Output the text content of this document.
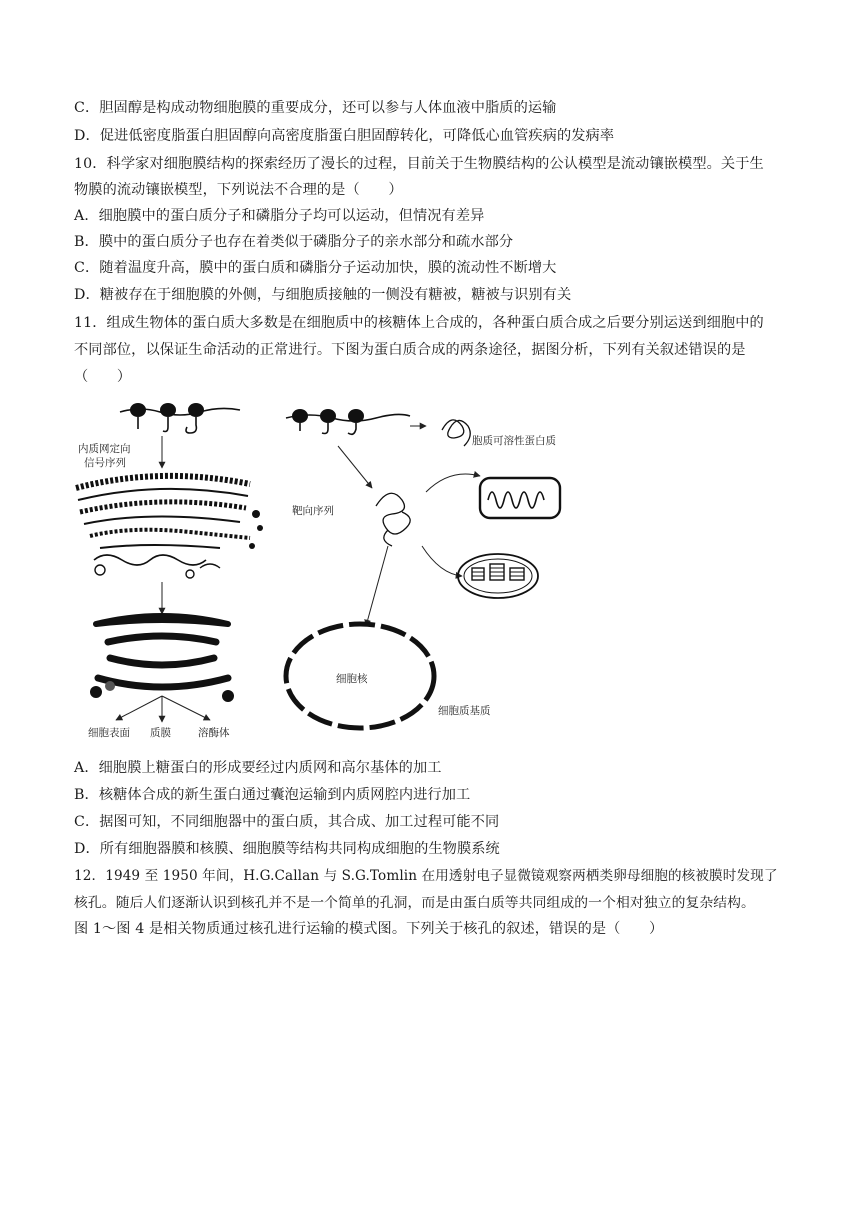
C．胆固醇是构成动物细胞膜的重要成分，还可以参与人体血液中脂质的运输
D．促进低密度脂蛋白胆固醇向高密度脂蛋白胆固醇转化，可降低心血管疾病的发病率
10．科学家对细胞膜结构的探索经历了漫长的过程，目前关于生物膜结构的公认模型是流动镶嵌模型。关于生
物膜的流动镶嵌模型，下列说法不合理的是（　　）
A．细胞膜中的蛋白质分子和磷脂分子均可以运动，但情况有差异
B．膜中的蛋白质分子也存在着类似于磷脂分子的亲水部分和疏水部分
C．随着温度升高，膜中的蛋白质和磷脂分子运动加快，膜的流动性不断增大
D．糖被存在于细胞膜的外侧，与细胞质接触的一侧没有糖被，糖被与识别有关
11．组成生物体的蛋白质大多数是在细胞质中的核糖体上合成的，各种蛋白质合成之后要分别运送到细胞中的
不同部位，以保证生命活动的正常进行。下图为蛋白质合成的两条途径，据图分析，下列有关叙述错误的是
（　　）
内质网定向
信号序列
细胞表面 质膜	溶酶体
胞质可溶性蛋白质
靶向序列
细胞核
细胞质基质
A．细胞膜上糖蛋白的形成要经过内质网和高尔基体的加工
B．核糖体合成的新生蛋白通过囊泡运输到内质网腔内进行加工
C．据图可知，不同细胞器中的蛋白质，其合成、加工过程可能不同
D．所有细胞器膜和核膜、细胞膜等结构共同构成细胞的生物膜系统
12．1949 至 1950 年间，H.G.Callan 与 S.G.Tomlin 在用透射电子显微镜观察两栖类卵母细胞的核被膜时发现了
核孔。随后人们逐渐认识到核孔并不是一个简单的孔洞，而是由蛋白质等共同组成的一个相对独立的复杂结构。
图 1～图 4 是相关物质通过核孔进行运输的模式图。下列关于核孔的叙述，错误的是（　　）
